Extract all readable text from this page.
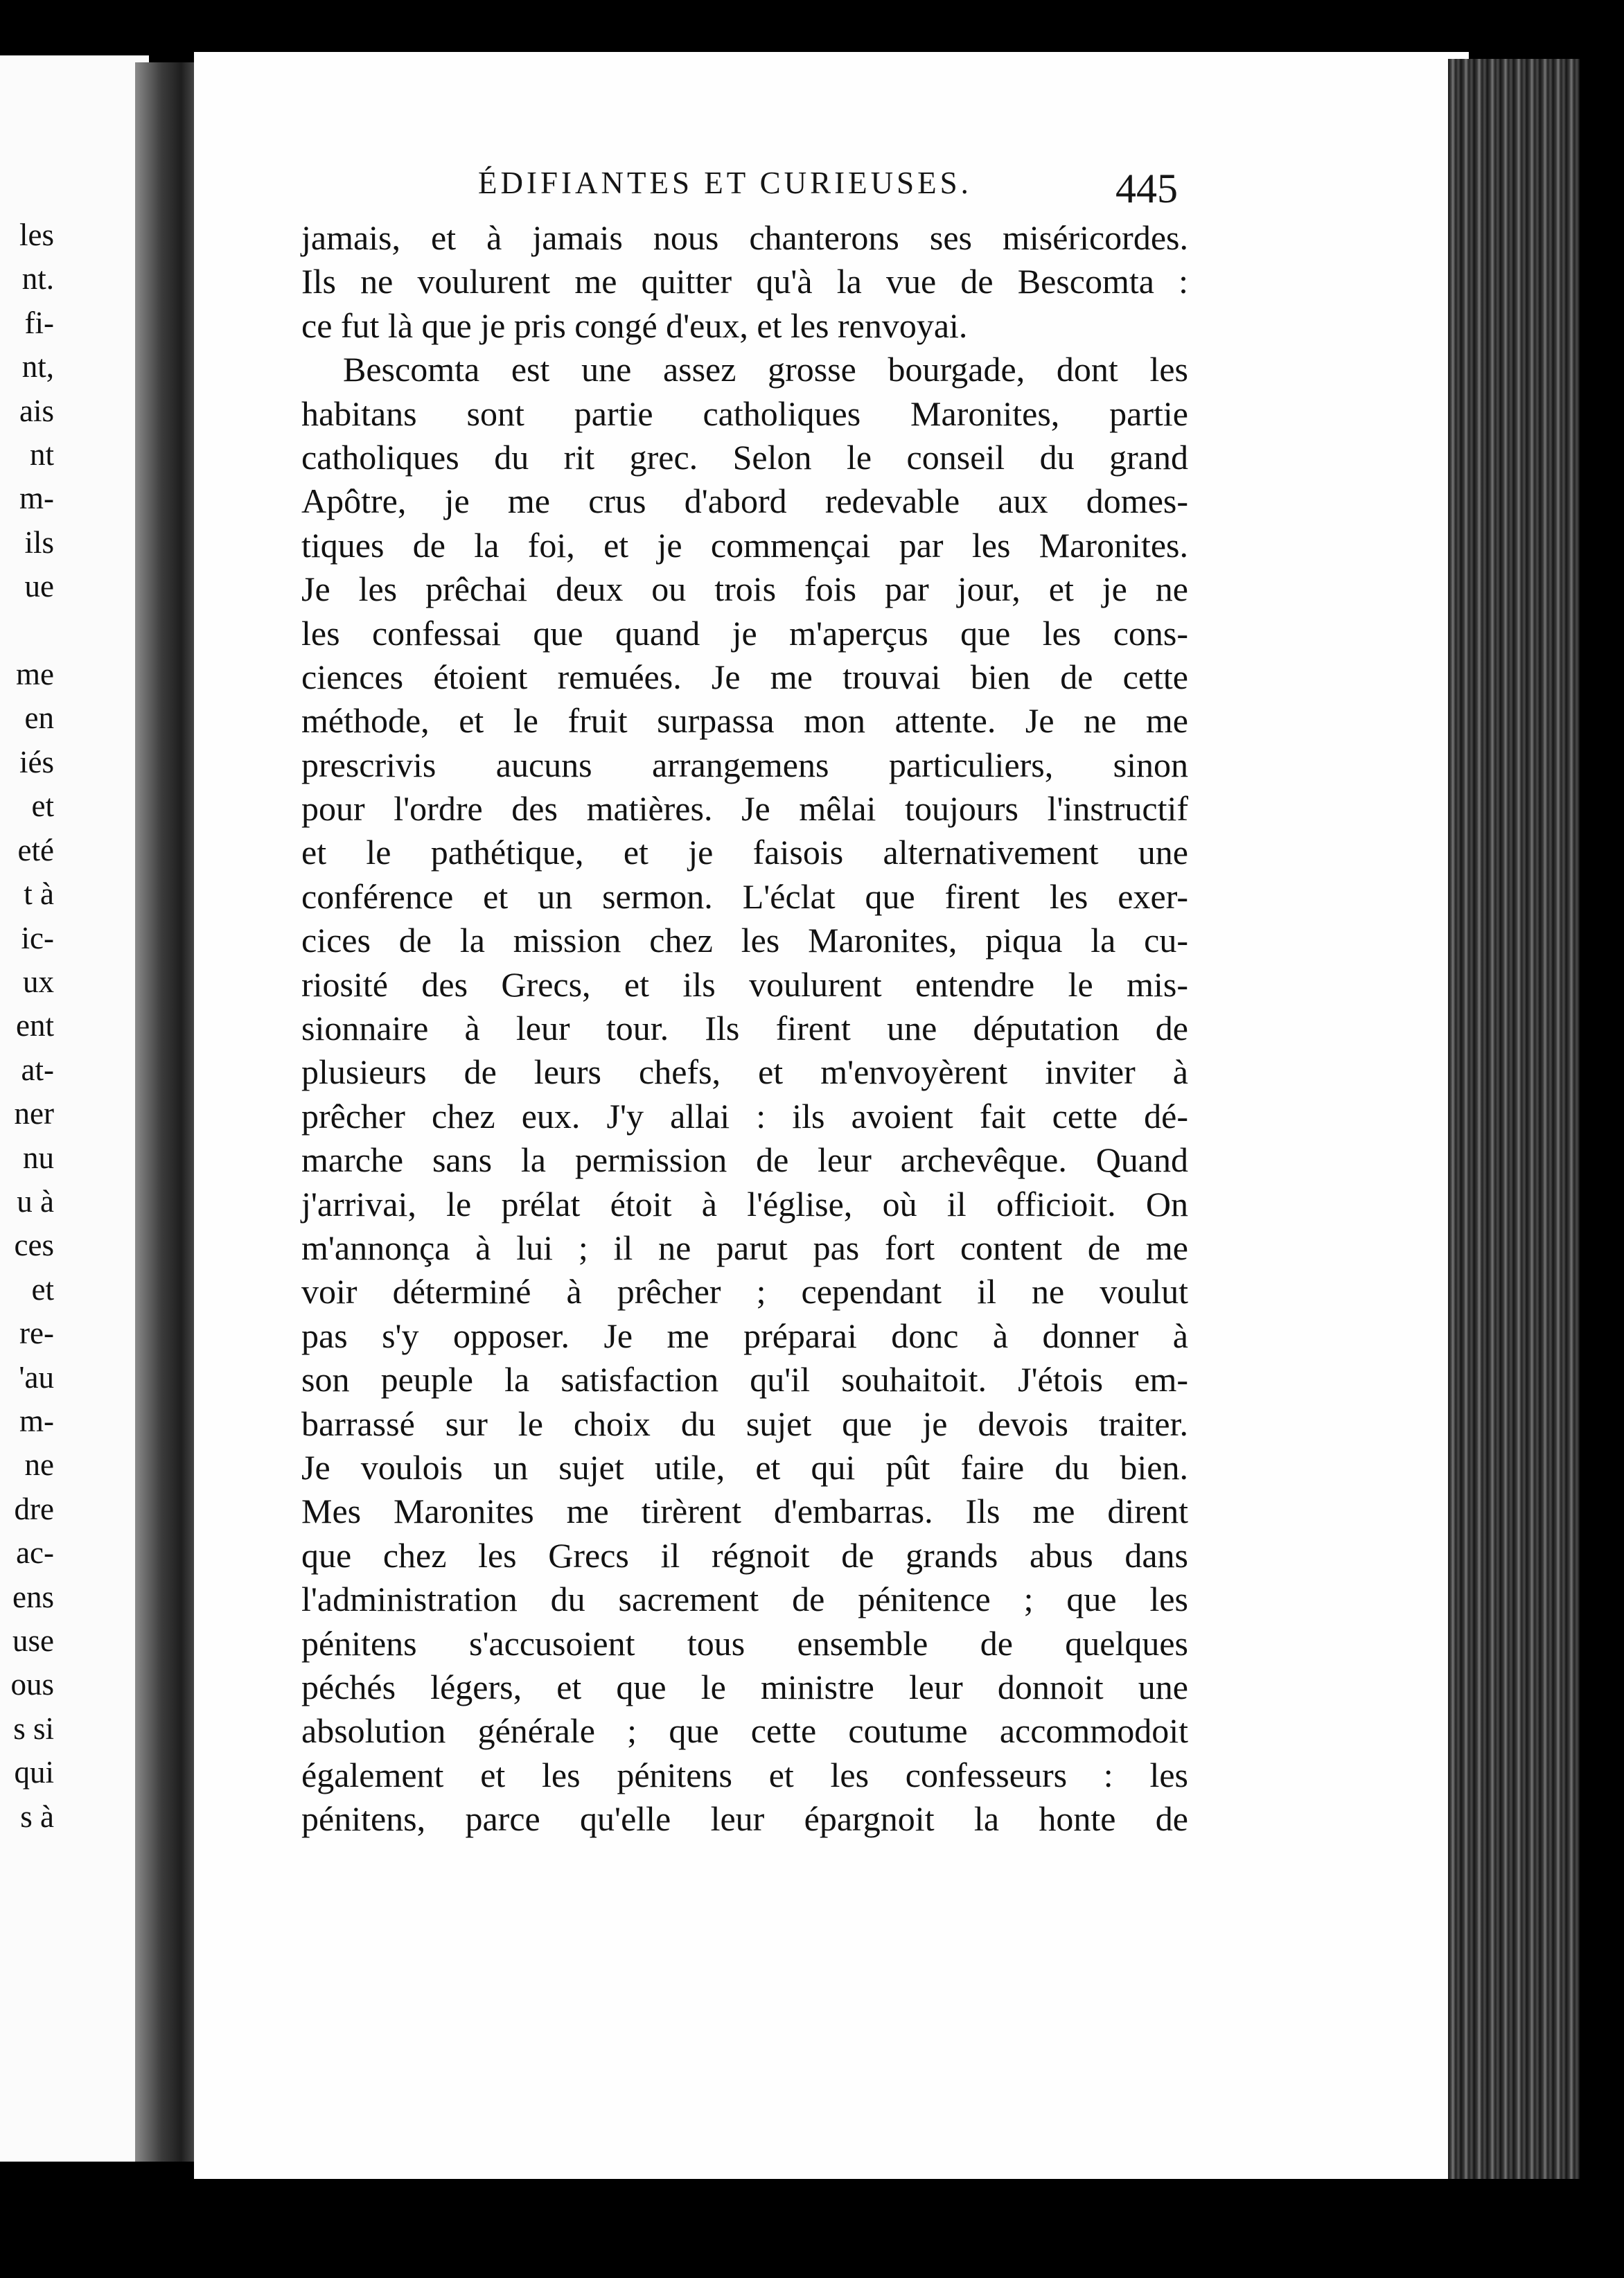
les
nt.
fi-
nt,
ais
nt
m-
ils
ue

me
en
iés
et
eté
t à
ic-
ux
ent
at-
ner
nu
u à
ces
et
re-
'au
m-
ne
dre
ac-
ens
use
ous
s si
qui
s à
ÉDIFIANTES ET CURIEUSES.	445
jamais, et à jamais nous chanterons ses miséricordes.
Ils ne voulurent me quitter qu'à la vue de Bescomta :
ce fut là que je pris congé d'eux, et les renvoyai.
Bescomta est une assez grosse bourgade, dont les
habitans sont partie catholiques Maronites, partie
catholiques du rit grec. Selon le conseil du grand
Apôtre, je me crus d'abord redevable aux domes-
tiques de la foi, et je commençai par les Maronites.
Je les prêchai deux ou trois fois par jour, et je ne
les confessai que quand je m'aperçus que les cons-
ciences étoient remuées. Je me trouvai bien de cette
méthode, et le fruit surpassa mon attente. Je ne me
prescrivis aucuns arrangemens particuliers, sinon
pour l'ordre des matières. Je mêlai toujours l'instructif
et le pathétique, et je faisois alternativement une
conférence et un sermon. L'éclat que firent les exer-
cices de la mission chez les Maronites, piqua la cu-
riosité des Grecs, et ils voulurent entendre le mis-
sionnaire à leur tour. Ils firent une députation de
plusieurs de leurs chefs, et m'envoyèrent inviter à
prêcher chez eux. J'y allai : ils avoient fait cette dé-
marche sans la permission de leur archevêque. Quand
j'arrivai, le prélat étoit à l'église, où il officioit. On
m'annonça à lui ; il ne parut pas fort content de me
voir déterminé à prêcher ; cependant il ne voulut
pas s'y opposer. Je me préparai donc à donner à
son peuple la satisfaction qu'il souhaitoit. J'étois em-
barrassé sur le choix du sujet que je devois traiter.
Je voulois un sujet utile, et qui pût faire du bien.
Mes Maronites me tirèrent d'embarras. Ils me dirent
que chez les Grecs il régnoit de grands abus dans
l'administration du sacrement de pénitence ; que les
pénitens s'accusoient tous ensemble de quelques
péchés légers, et que le ministre leur donnoit une
absolution générale ; que cette coutume accommodoit
également et les pénitens et les confesseurs : les
pénitens, parce qu'elle leur épargnoit la honte de
ferveur de mes bons Maronites.
